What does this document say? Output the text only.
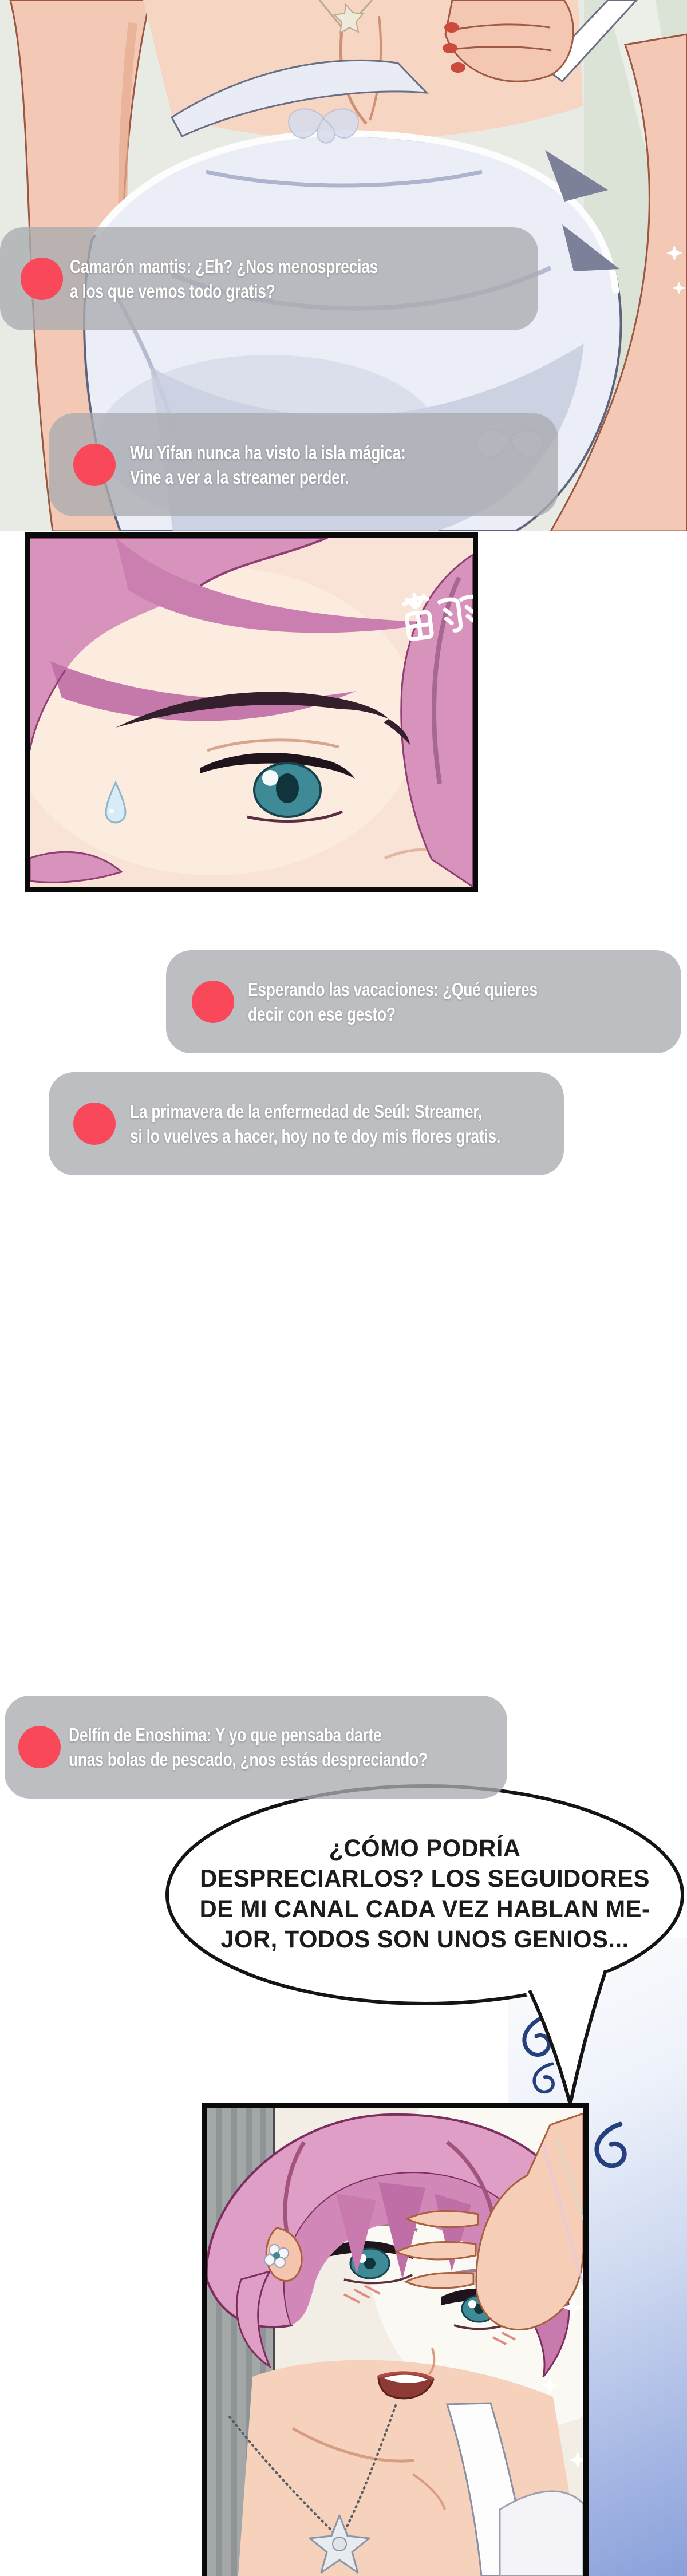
Camarón mantis: ¿Eh? ¿Nos menosprecias
a los que vemos todo gratis?
Wu Yifan nunca ha visto la isla mágica:
Vine a ver a la streamer perder.
Esperando las vacaciones: ¿Qué quieres
decir con ese gesto?
La primavera de la enfermedad de Seúl: Streamer,
si lo vuelves a hacer, hoy no te doy mis flores gratis.
Delfín de Enoshima: Y yo que pensaba darte
unas bolas de pescado, ¿nos estás despreciando?
¿CÓMO PODRÍA
DESPRECIARLOS? LOS SEGUIDORES
DE MI CANAL CADA VEZ HABLAN ME-
JOR, TODOS SON UNOS GENIOS...
